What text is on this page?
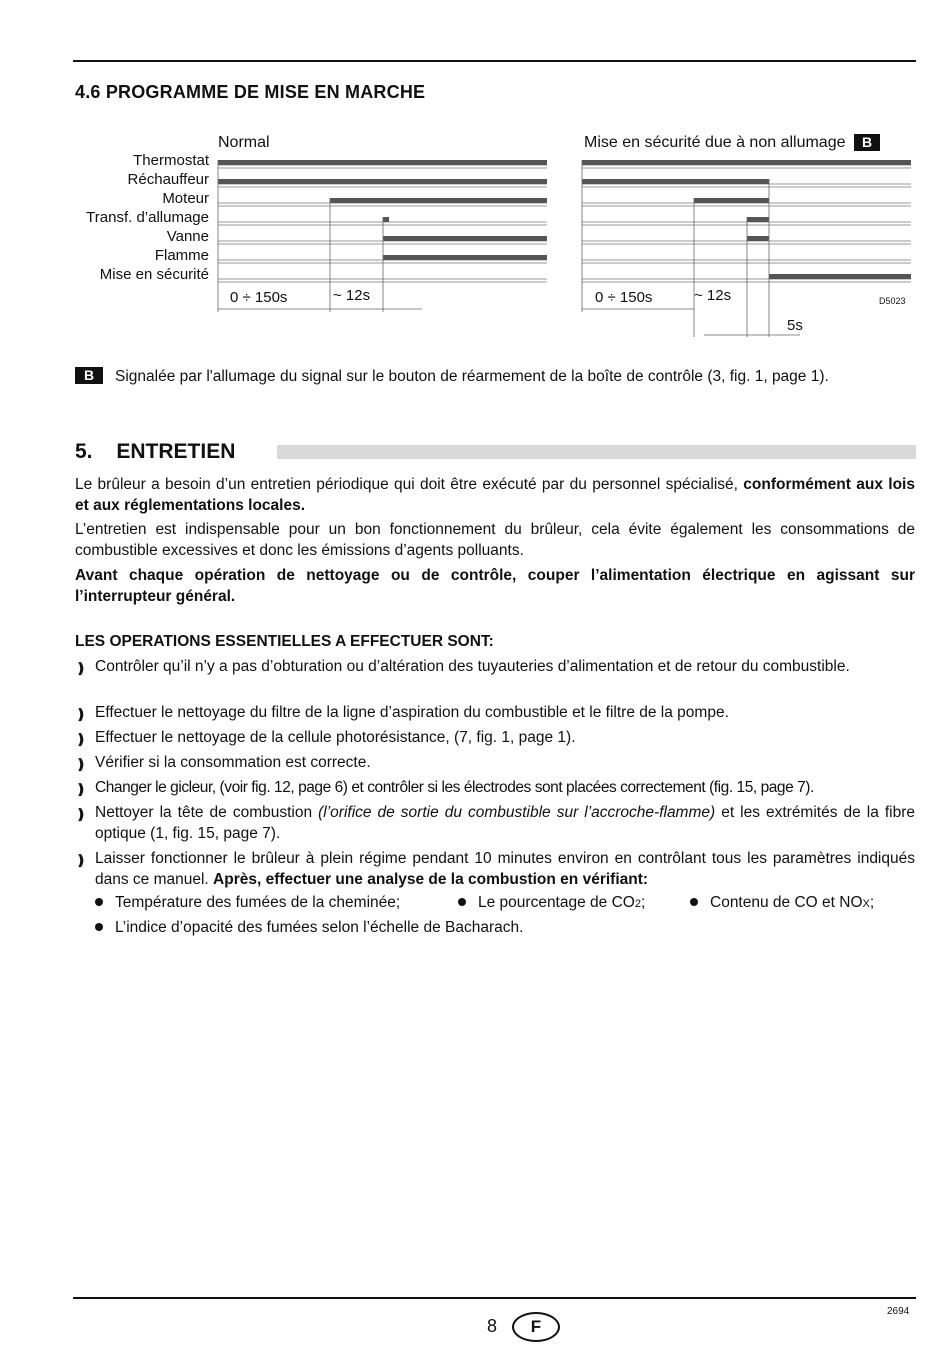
4.6 PROGRAMME DE MISE EN MARCHE
Normal	Mise en sécurité due à non allumage B
Thermostat
Réchauffeur
Moteur
Transf. d’allumage
Vanne
Flamme
Mise en sécurité
0 ÷ 150s	~ 12s	0 ÷ 150s	~ 12s
5s
D5023
B Signalée par l'allumage du signal sur le bouton de réarmement de la boîte de contrôle (3, fig. 1, page 1).
5. ENTRETIEN
Le brûleur a besoin d’un entretien périodique qui doit être exécuté par du personnel spécialisé, conformément aux lois et aux réglementations locales.
L’entretien est indispensable pour un bon fonctionnement du brûleur, cela évite également les consommations de combustible excessives et donc les émissions d’agents polluants.
Avant chaque opération de nettoyage ou de contrôle, couper l’alimentation électrique en agissant sur l’interrupteur général.
LES OPERATIONS ESSENTIELLES A EFFECTUER SONT:
❫ Contrôler qu’il n’y a pas d’obturation ou d’altération des tuyauteries d’alimentation et de retour du combustible.
❫ Effectuer le nettoyage du filtre de la ligne d’aspiration du combustible et le filtre de la pompe.
❫ Effectuer le nettoyage de la cellule photorésistance, (7, fig. 1, page 1).
❫ Vérifier si la consommation est correcte.
❫ Changer le gicleur, (voir fig. 12, page 6) et contrôler si les électrodes sont placées correctement (fig. 15, page 7).
❫ Nettoyer la tête de combustion (l’orifice de sortie du combustible sur l’accroche-flamme) et les extrémités de la fibre optique (1, fig. 15, page 7).
❫ Laisser fonctionner le brûleur à plein régime pendant 10 minutes environ en contrôlant tous les paramètres indiqués dans ce manuel. Après, effectuer une analyse de la combustion en vérifiant:
Température des fumées de la cheminée;	Le pourcentage de CO2;	Contenu de CO et NOX;
L’indice d’opacité des fumées selon l’échelle de Bacharach.
2694
8	F
